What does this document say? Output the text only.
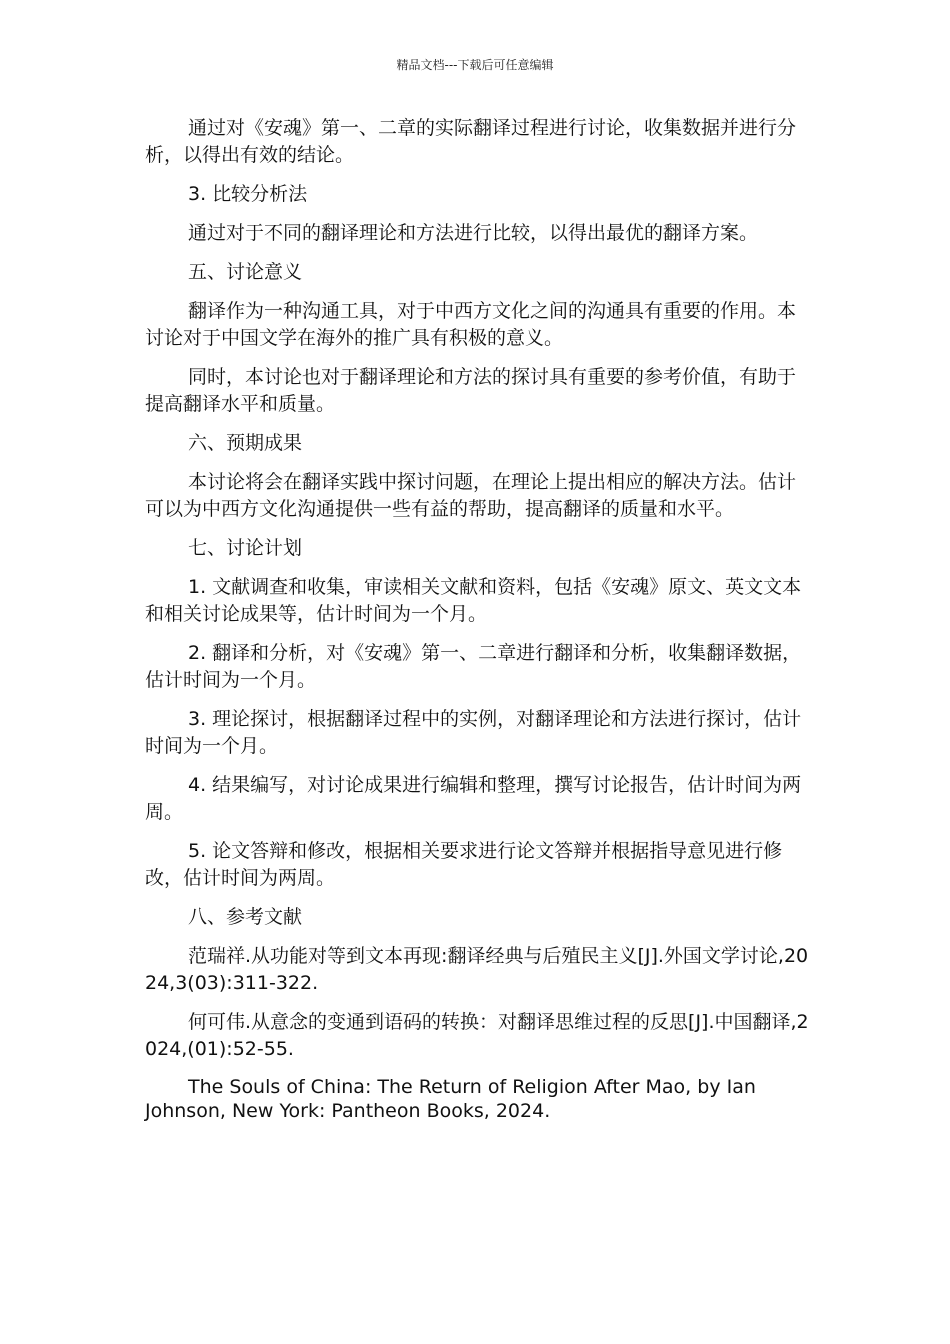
精品文档---下载后可任意编辑

通过对《安魂》第一、二章的实际翻译过程进行讨论，收集数据并进行分析，以得出有效的结论。

3. 比较分析法

通过对于不同的翻译理论和方法进行比较，以得出最优的翻译方案。

五、讨论意义

翻译作为一种沟通工具，对于中西方文化之间的沟通具有重要的作用。本讨论对于中国文学在海外的推广具有积极的意义。

同时，本讨论也对于翻译理论和方法的探讨具有重要的参考价值，有助于提高翻译水平和质量。

六、预期成果

本讨论将会在翻译实践中探讨问题，在理论上提出相应的解决方法。估计可以为中西方文化沟通提供一些有益的帮助，提高翻译的质量和水平。

七、讨论计划

1. 文献调查和收集，审读相关文献和资料，包括《安魂》原文、英文文本和相关讨论成果等，估计时间为一个月。

2. 翻译和分析，对《安魂》第一、二章进行翻译和分析，收集翻译数据，估计时间为一个月。

3. 理论探讨，根据翻译过程中的实例，对翻译理论和方法进行探讨，估计时间为一个月。

4. 结果编写，对讨论成果进行编辑和整理，撰写讨论报告，估计时间为两周。

5. 论文答辩和修改，根据相关要求进行论文答辩并根据指导意见进行修改，估计时间为两周。

八、参考文献

范瑞祥.从功能对等到文本再现:翻译经典与后殖民主义[J].外国文学讨论,2024,3(03):311-322.

何可伟.从意念的变通到语码的转换：对翻译思维过程的反思[J].中国翻译,2024,(01):52-55.

The Souls of China: The Return of Religion After Mao, by Ian Johnson, New York: Pantheon Books, 2024.
